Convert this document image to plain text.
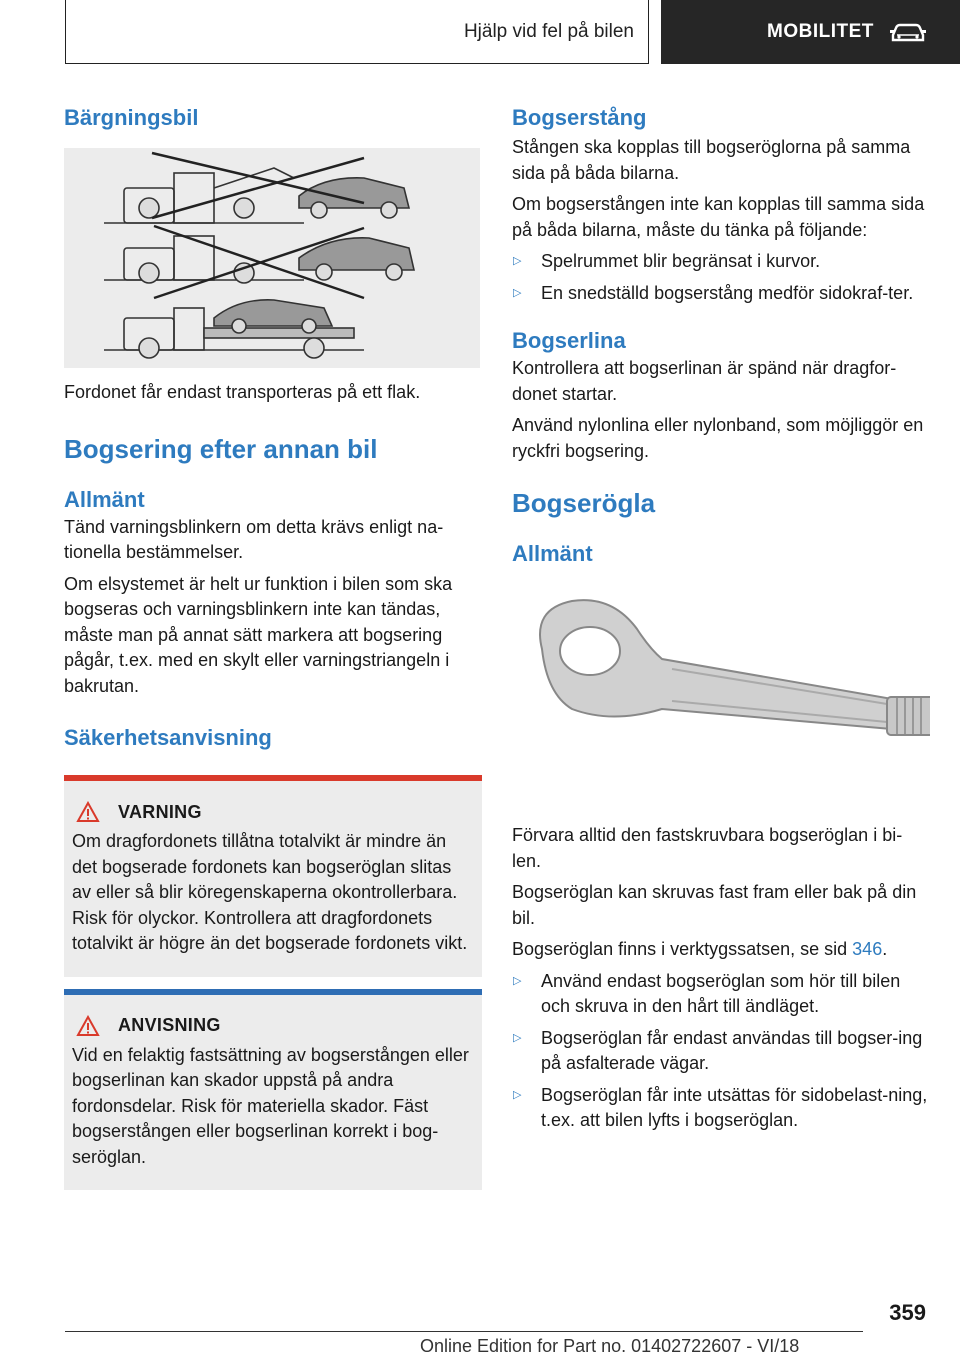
Hjälp vid fel på bilen	MOBILITET
Bärgningsbil

Fordonet får endast transporteras på ett flak.

Bogsering efter annan bil
Allmänt

Tänd varningsblinkern om detta krävs enligt na-tionella bestämmelser.

Om elsystemet är helt ur funktion i bilen som ska bogseras och varningsblinkern inte kan tändas, måste man på annat sätt markera att bogsering pågår, t.ex. med en skylt eller varningstriangeln i bakrutan.

Säkerhetsanvisning
VARNING

Om dragfordonets tillåtna totalvikt är mindre än det bogserade fordonets kan bogseröglan slitas av eller så blir köregenskaperna okontrollerbara. Risk för olyckor. Kontrollera att dragfordonets totalvikt är högre än det bogserade fordonets vikt.

ANVISNING

Vid en felaktig fastsättning av bogserstången eller bogserlinan kan skador uppstå på andra fordonsdelar. Risk för materiella skador. Fäst bogserstången eller bogserlinan korrekt i bog-seröglan.

Bogserstång

Stången ska kopplas till bogseröglorna på samma sida på båda bilarna.

Om bogserstången inte kan kopplas till samma sida på båda bilarna, måste du tänka på följande:

▷ Spelrummet blir begränsat i kurvor.
▷ En snedställd bogserstång medför sidokraf-ter.
Bogserlina

Kontrollera att bogserlinan är spänd när dragfor-donet startar.

Använd nylonlina eller nylonband, som möjliggör en ryckfri bogsering.

Bogserögla
Allmänt

Förvara alltid den fastskruvbara bogseröglan i bi-len.

Bogseröglan kan skruvas fast fram eller bak på din bil.

Bogseröglan finns i verktygssatsen, se sid 346.

▷ Använd endast bogseröglan som hör till bilen och skruva in den hårt till ändläget.
▷ Bogseröglan får endast användas till bogser-ing på asfalterade vägar.
▷ Bogseröglan får inte utsättas för sidobelast-ning, t.ex. att bilen lyfts i bogseröglan.
359
Online Edition for Part no. 01402722607 - VI/18
